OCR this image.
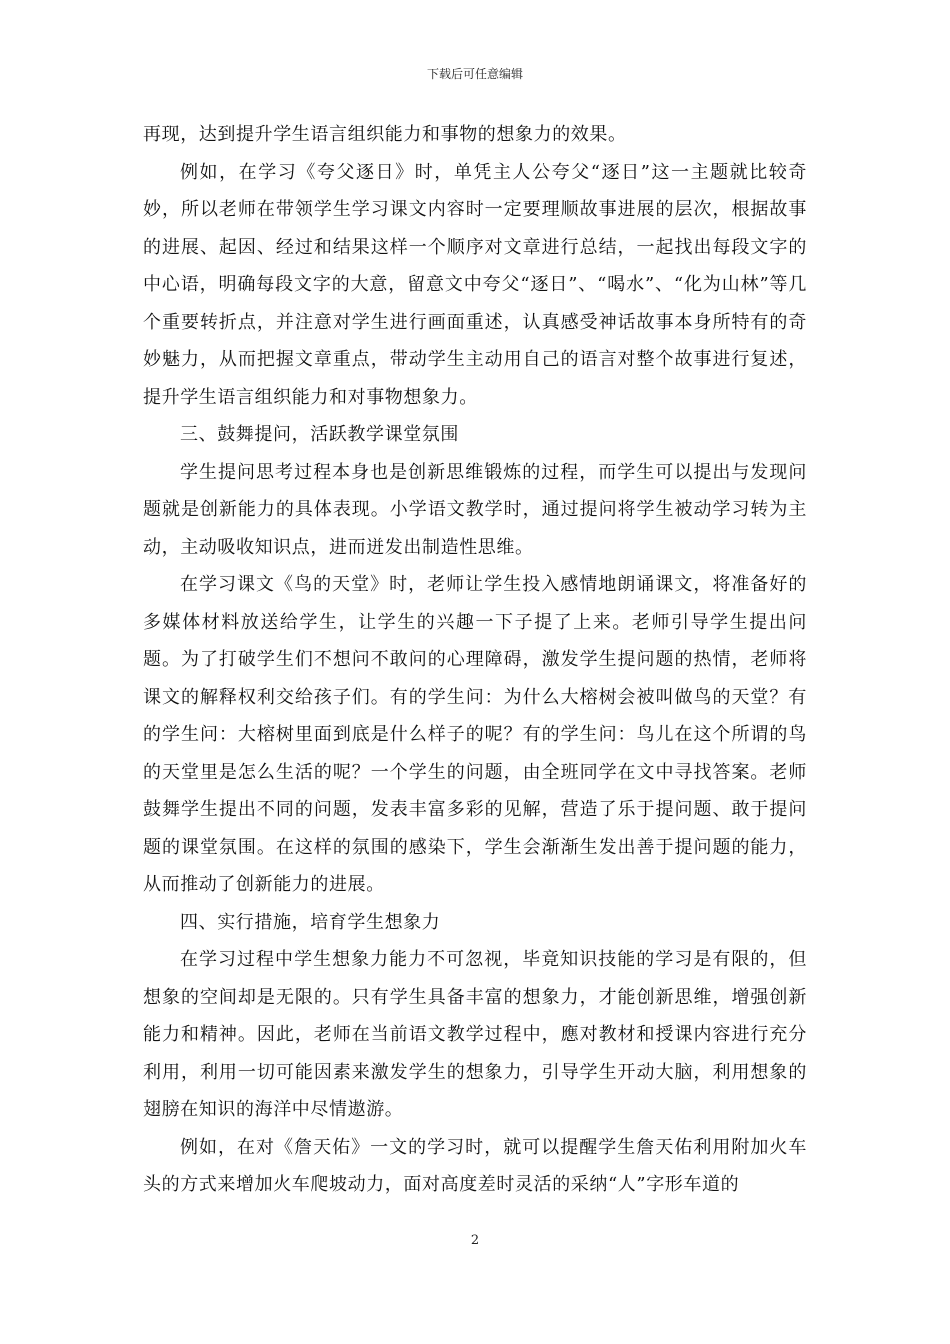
下载后可任意编辑

再现，达到提升学生语言组织能力和事物的想象力的效果。

例如，在学习《夸父逐日》时，单凭主人公夸父“逐日”这一主题就比较奇妙，所以老师在带领学生学习课文内容时一定要理顺故事进展的层次，根据故事的进展、起因、经过和结果这样一个顺序对文章进行总结，一起找出每段文字的中心语，明确每段文字的大意，留意文中夸父“逐日”、“喝水”、“化为山林”等几个重要转折点，并注意对学生进行画面重述，认真感受神话故事本身所特有的奇妙魅力，从而把握文章重点，带动学生主动用自己的语言对整个故事进行复述，提升学生语言组织能力和对事物想象力。

三、鼓舞提问，活跃教学课堂氛围

学生提问思考过程本身也是创新思维锻炼的过程，而学生可以提出与发现问题就是创新能力的具体表现。小学语文教学时，通过提问将学生被动学习转为主动，主动吸收知识点，进而迸发出制造性思维。

在学习课文《鸟的天堂》时，老师让学生投入感情地朗诵课文，将准备好的多媒体材料放送给学生，让学生的兴趣一下子提了上来。老师引导学生提出问题。为了打破学生们不想问不敢问的心理障碍，激发学生提问题的热情，老师将课文的解释权利交给孩子们。有的学生问：为什么大榕树会被叫做鸟的天堂？有的学生问：大榕树里面到底是什么样子的呢？有的学生问：鸟儿在这个所谓的鸟的天堂里是怎么生活的呢？一个学生的问题，由全班同学在文中寻找答案。老师鼓舞学生提出不同的问题，发表丰富多彩的见解，营造了乐于提问题、敢于提问题的课堂氛围。在这样的氛围的感染下，学生会渐渐生发出善于提问题的能力，从而推动了创新能力的进展。

四、实行措施，培育学生想象力

在学习过程中学生想象力能力不可忽视，毕竟知识技能的学习是有限的，但想象的空间却是无限的。只有学生具备丰富的想象力，才能创新思维，增强创新能力和精神。因此，老师在当前语文教学过程中，應对教材和授课内容进行充分利用，利用一切可能因素来激发学生的想象力，引导学生开动大脑，利用想象的翅膀在知识的海洋中尽情遨游。

例如，在对《詹天佑》一文的学习时，就可以提醒学生詹天佑利用附加火车头的方式来增加火车爬坡动力，面对高度差时灵活的采纳“人”字形车道的

2
